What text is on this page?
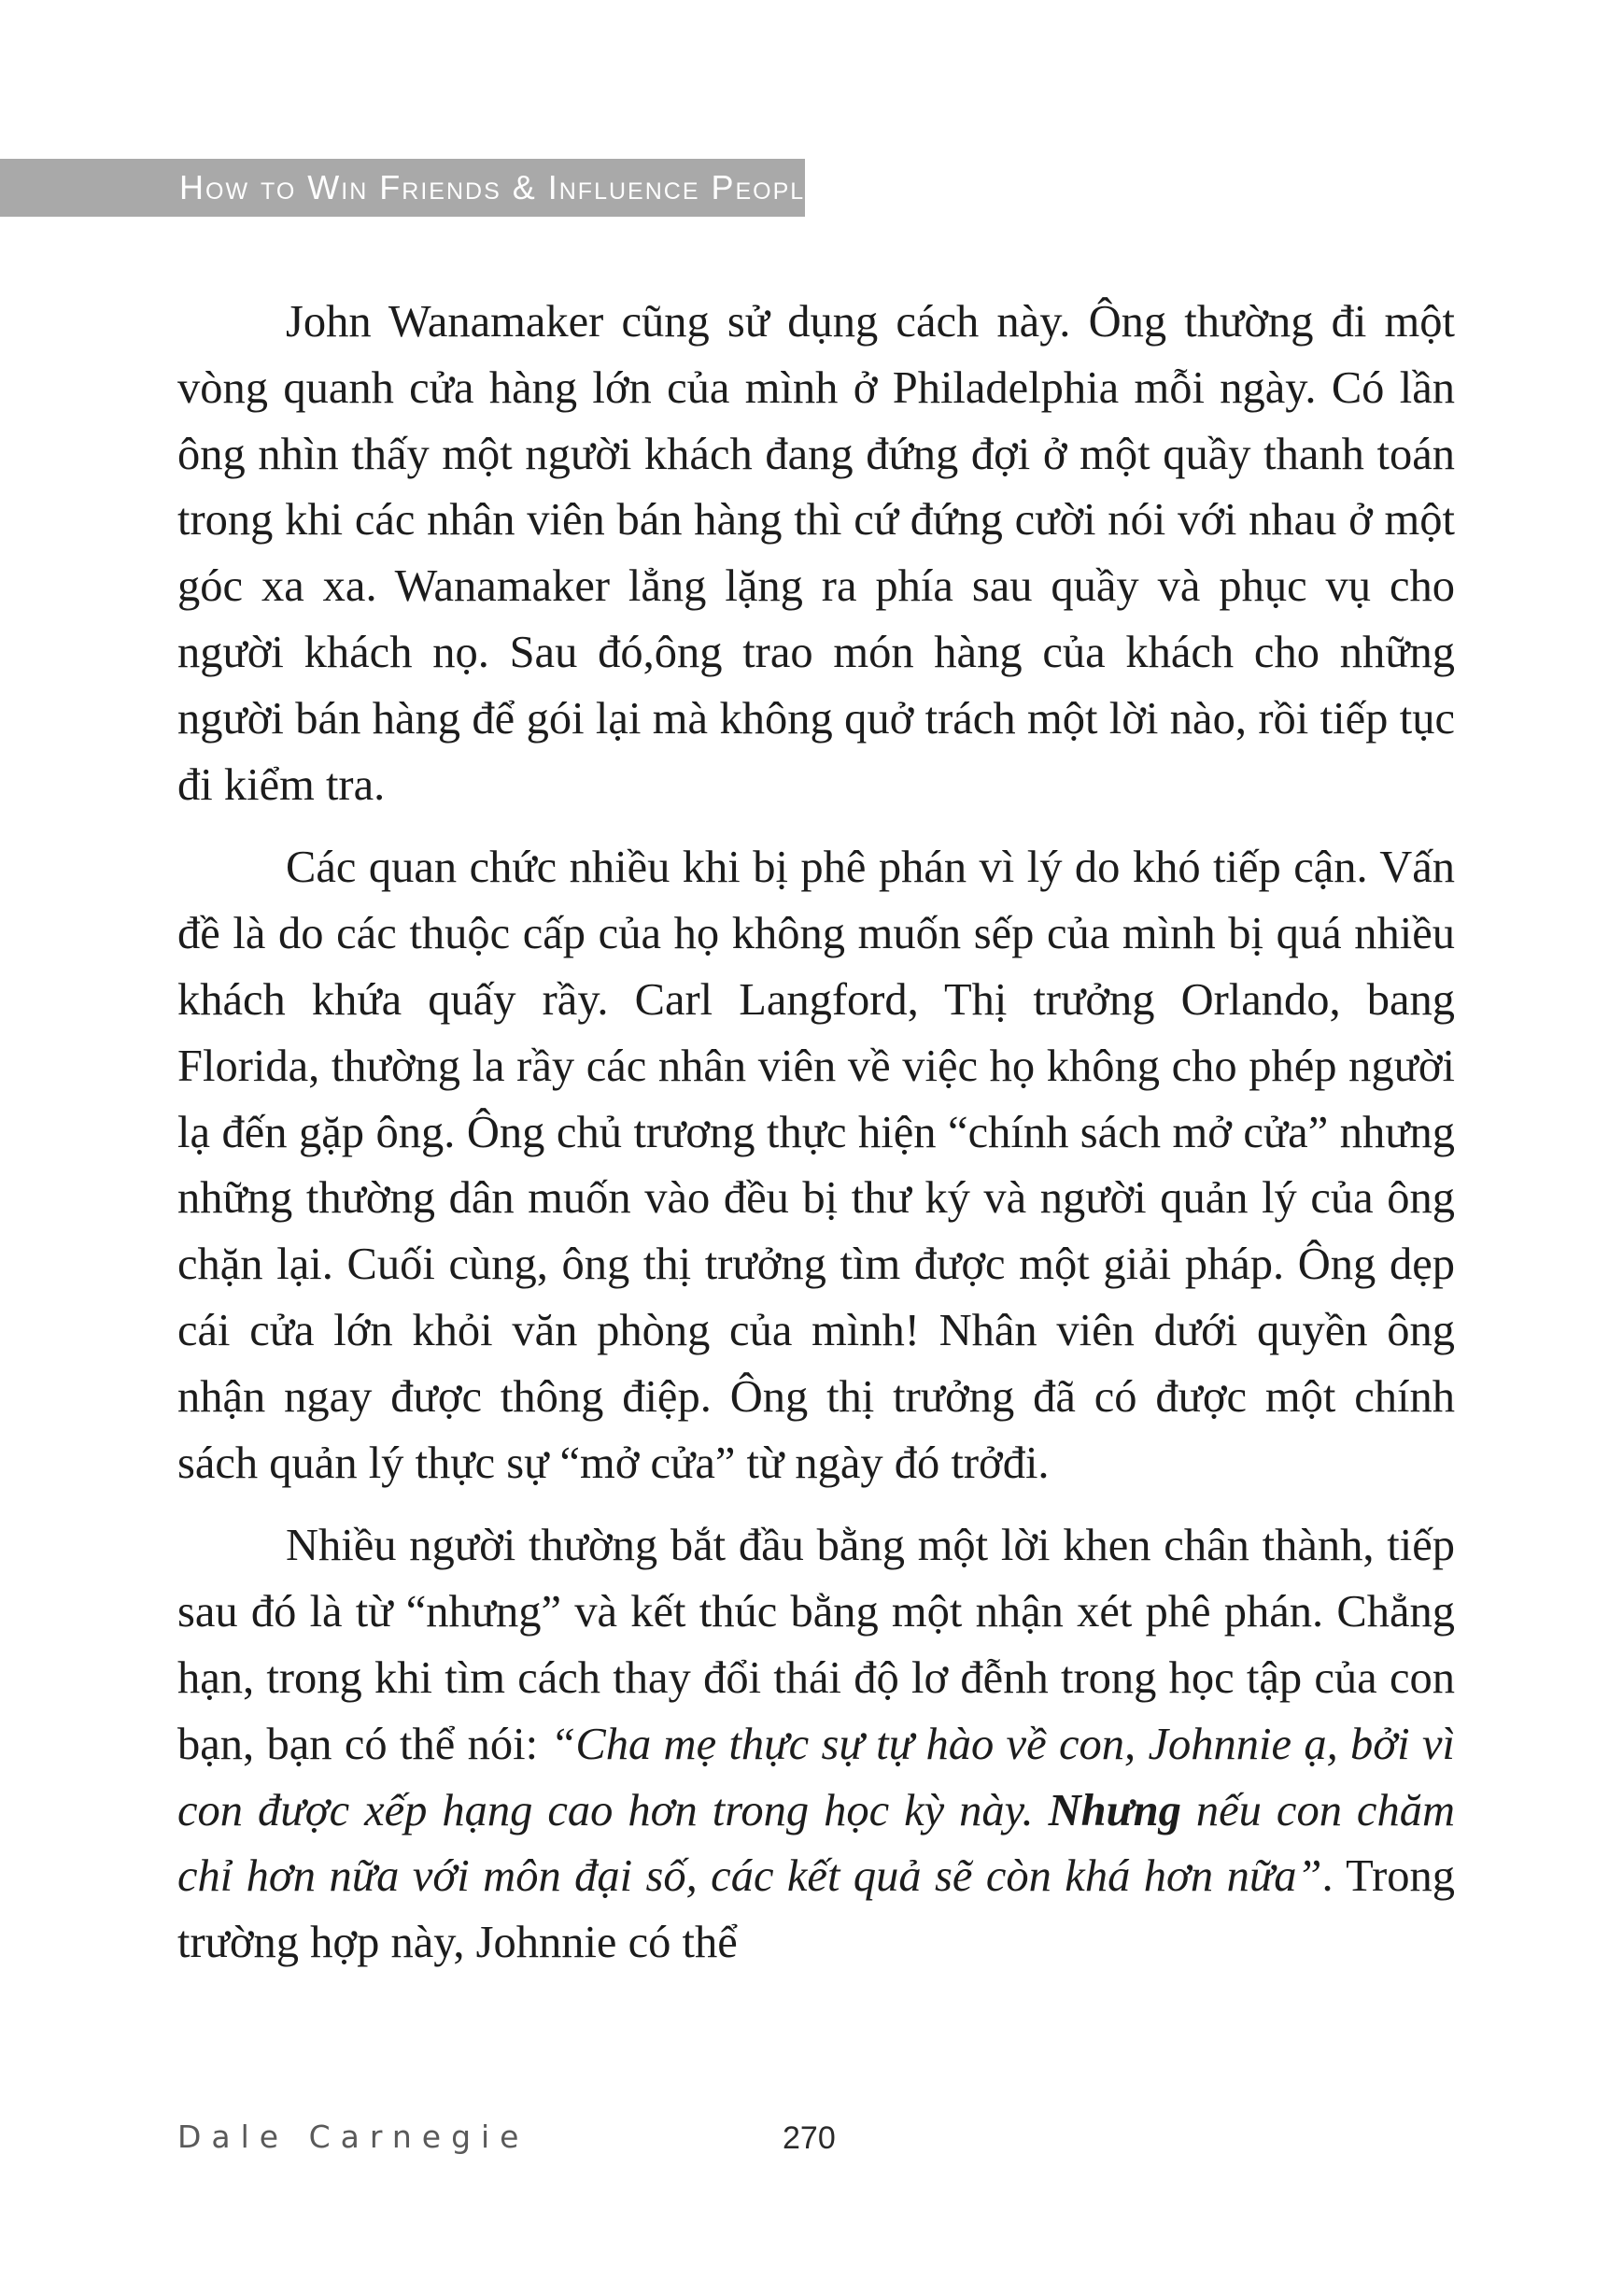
How to Win Friends & Influence People

John Wanamaker cũng sử dụng cách này. Ông thường đi một vòng quanh cửa hàng lớn của mình ở Philadelphia mỗi ngày. Có lần ông nhìn thấy một người khách đang đứng đợi ở một quầy thanh toán trong khi các nhân viên bán hàng thì cứ đứng cười nói với nhau ở một góc xa xa. Wanamaker lẳng lặng ra phía sau quầy và phục vụ cho người khách nọ. Sau đó,ông trao món hàng của khách cho những người bán hàng để gói lại mà không quở trách một lời nào, rồi tiếp tục đi kiểm tra.

Các quan chức nhiều khi bị phê phán vì lý do khó tiếp cận. Vấn đề là do các thuộc cấp của họ không muốn sếp của mình bị quá nhiều khách khứa quấy rầy. Carl Langford, Thị trưởng Orlando, bang Florida, thường la rầy các nhân viên về việc họ không cho phép người lạ đến gặp ông. Ông chủ trương thực hiện “chính sách mở cửa” nhưng những thường dân muốn vào đều bị thư ký và người quản lý của ông chặn lại. Cuối cùng, ông thị trưởng tìm được một giải pháp. Ông dẹp cái cửa lớn khỏi văn phòng của mình! Nhân viên dưới quyền ông nhận ngay được thông điệp. Ông thị trưởng đã có được một chính sách quản lý thực sự “mở cửa” từ ngày đó trởđi.

Nhiều người thường bắt đầu bằng một lời khen chân thành, tiếp sau đó là từ “nhưng” và kết thúc bằng một nhận xét phê phán. Chẳng hạn, trong khi tìm cách thay đổi thái độ lơ đễnh trong học tập của con bạn, bạn có thể nói: “Cha mẹ thực sự tự hào về con, Johnnie ạ, bởi vì con được xếp hạng cao hơn trong học kỳ này. Nhưng nếu con chăm chỉ hơn nữa với môn đại số, các kết quả sẽ còn khá hơn nữa”. Trong trường hợp này, Johnnie có thể

Dale Carnegie	270
